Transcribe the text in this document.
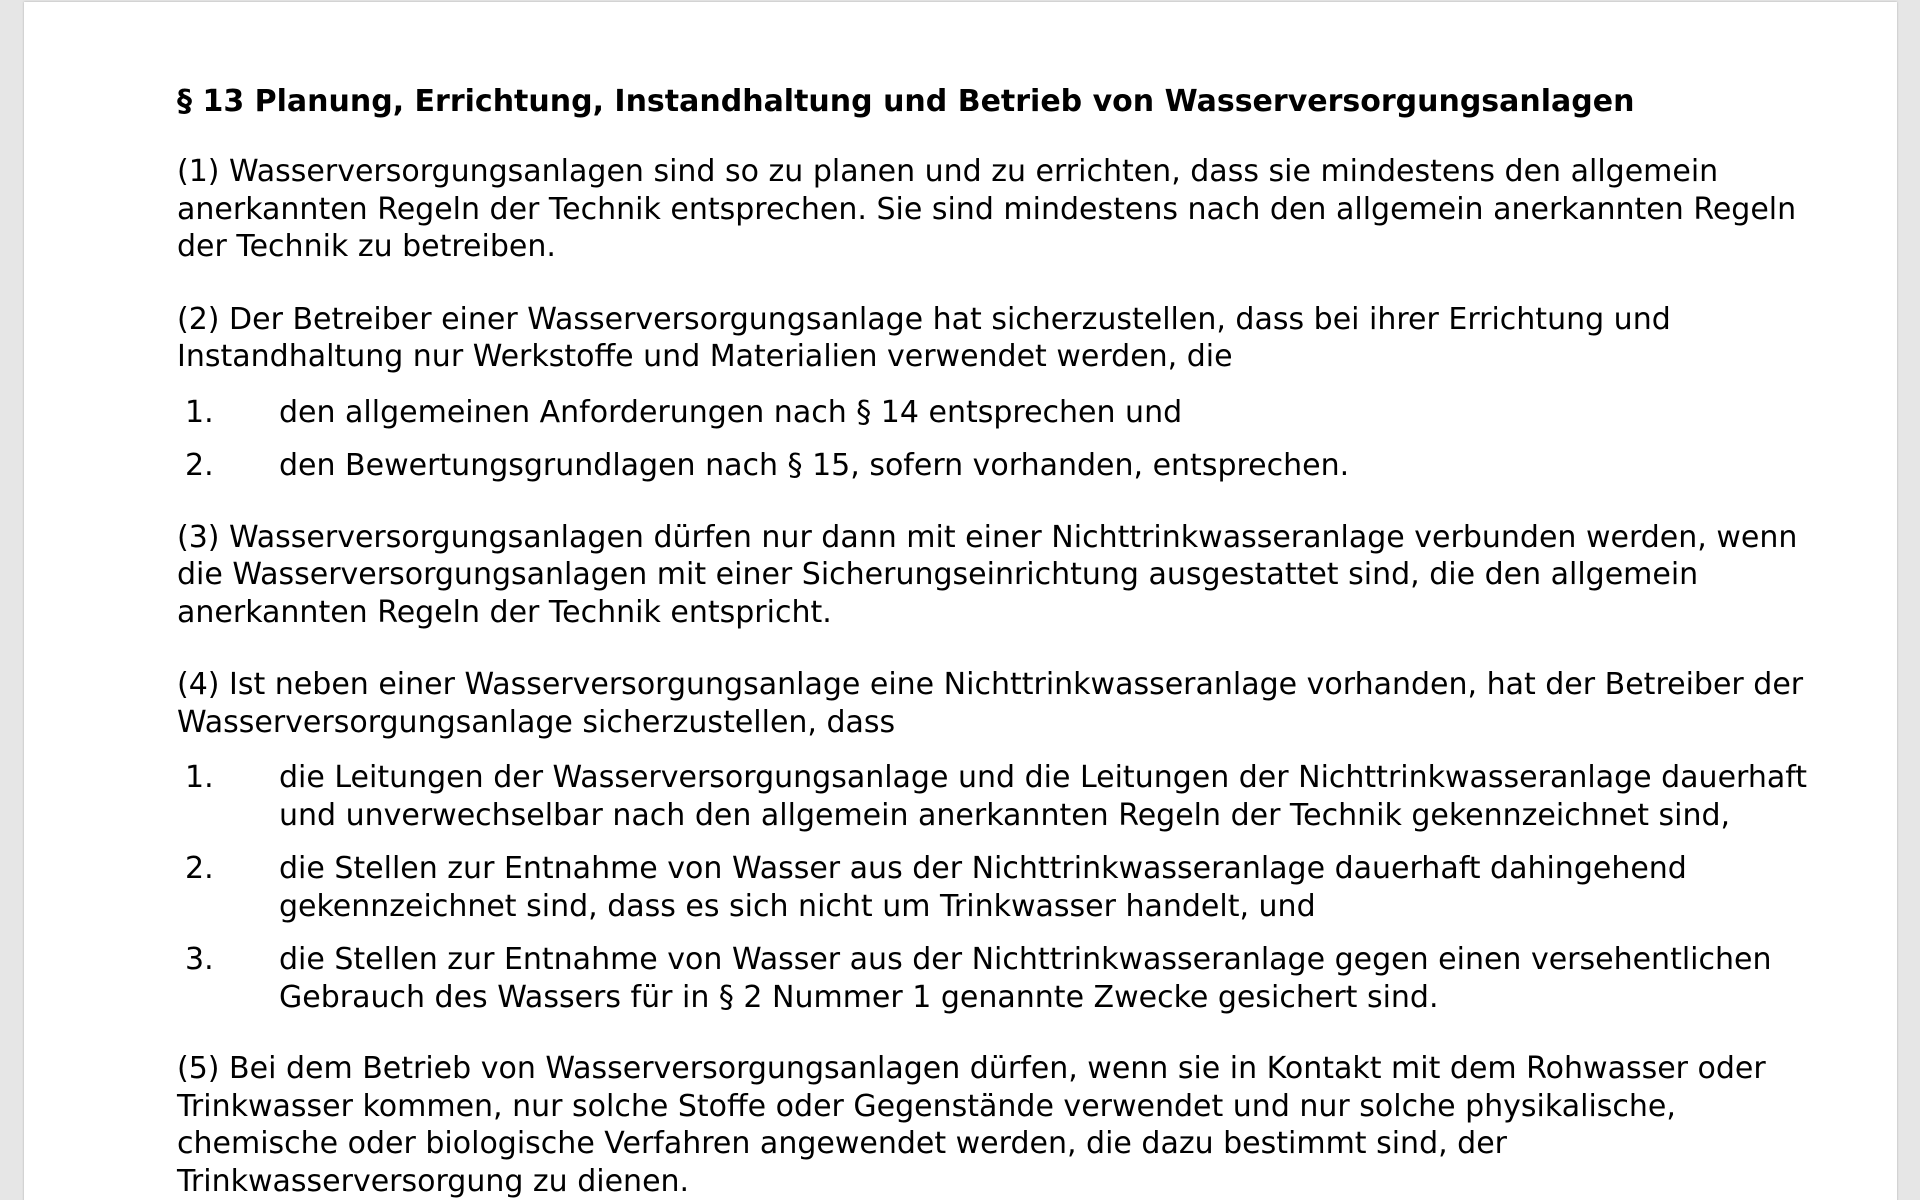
§ 13 Planung, Errichtung, Instandhaltung und Betrieb von Wasserversorgungsanlagen
(1) Wasserversorgungsanlagen sind so zu planen und zu errichten, dass sie mindestens den allgemein anerkannten Regeln der Technik entsprechen. Sie sind mindestens nach den allgemein anerkannten Regeln der Technik zu betreiben.
(2) Der Betreiber einer Wasserversorgungsanlage hat sicherzustellen, dass bei ihrer Errichtung und Instandhaltung nur Werkstoffe und Materialien verwendet werden, die
1.	den allgemeinen Anforderungen nach § 14 entsprechen und
2.	den Bewertungsgrundlagen nach § 15, sofern vorhanden, entsprechen.
(3) Wasserversorgungsanlagen dürfen nur dann mit einer Nichttrinkwasseranlage verbunden werden, wenn die Wasserversorgungsanlagen mit einer Sicherungseinrichtung ausgestattet sind, die den allgemein anerkannten Regeln der Technik entspricht.
(4) Ist neben einer Wasserversorgungsanlage eine Nichttrinkwasseranlage vorhanden, hat der Betreiber der Wasserversorgungsanlage sicherzustellen, dass
1.	die Leitungen der Wasserversorgungsanlage und die Leitungen der Nichttrinkwasseranlage dauerhaft und unverwechselbar nach den allgemein anerkannten Regeln der Technik gekennzeichnet sind,
2.	die Stellen zur Entnahme von Wasser aus der Nichttrinkwasseranlage dauerhaft dahingehend gekennzeichnet sind, dass es sich nicht um Trinkwasser handelt, und
3.	die Stellen zur Entnahme von Wasser aus der Nichttrinkwasseranlage gegen einen versehentlichen Gebrauch des Wassers für in § 2 Nummer 1 genannte Zwecke gesichert sind.
(5) Bei dem Betrieb von Wasserversorgungsanlagen dürfen, wenn sie in Kontakt mit dem Rohwasser oder Trinkwasser kommen, nur solche Stoffe oder Gegenstände verwendet und nur solche physikalische, chemische oder biologische Verfahren angewendet werden, die dazu bestimmt sind, der Trinkwasserversorgung zu dienen.
